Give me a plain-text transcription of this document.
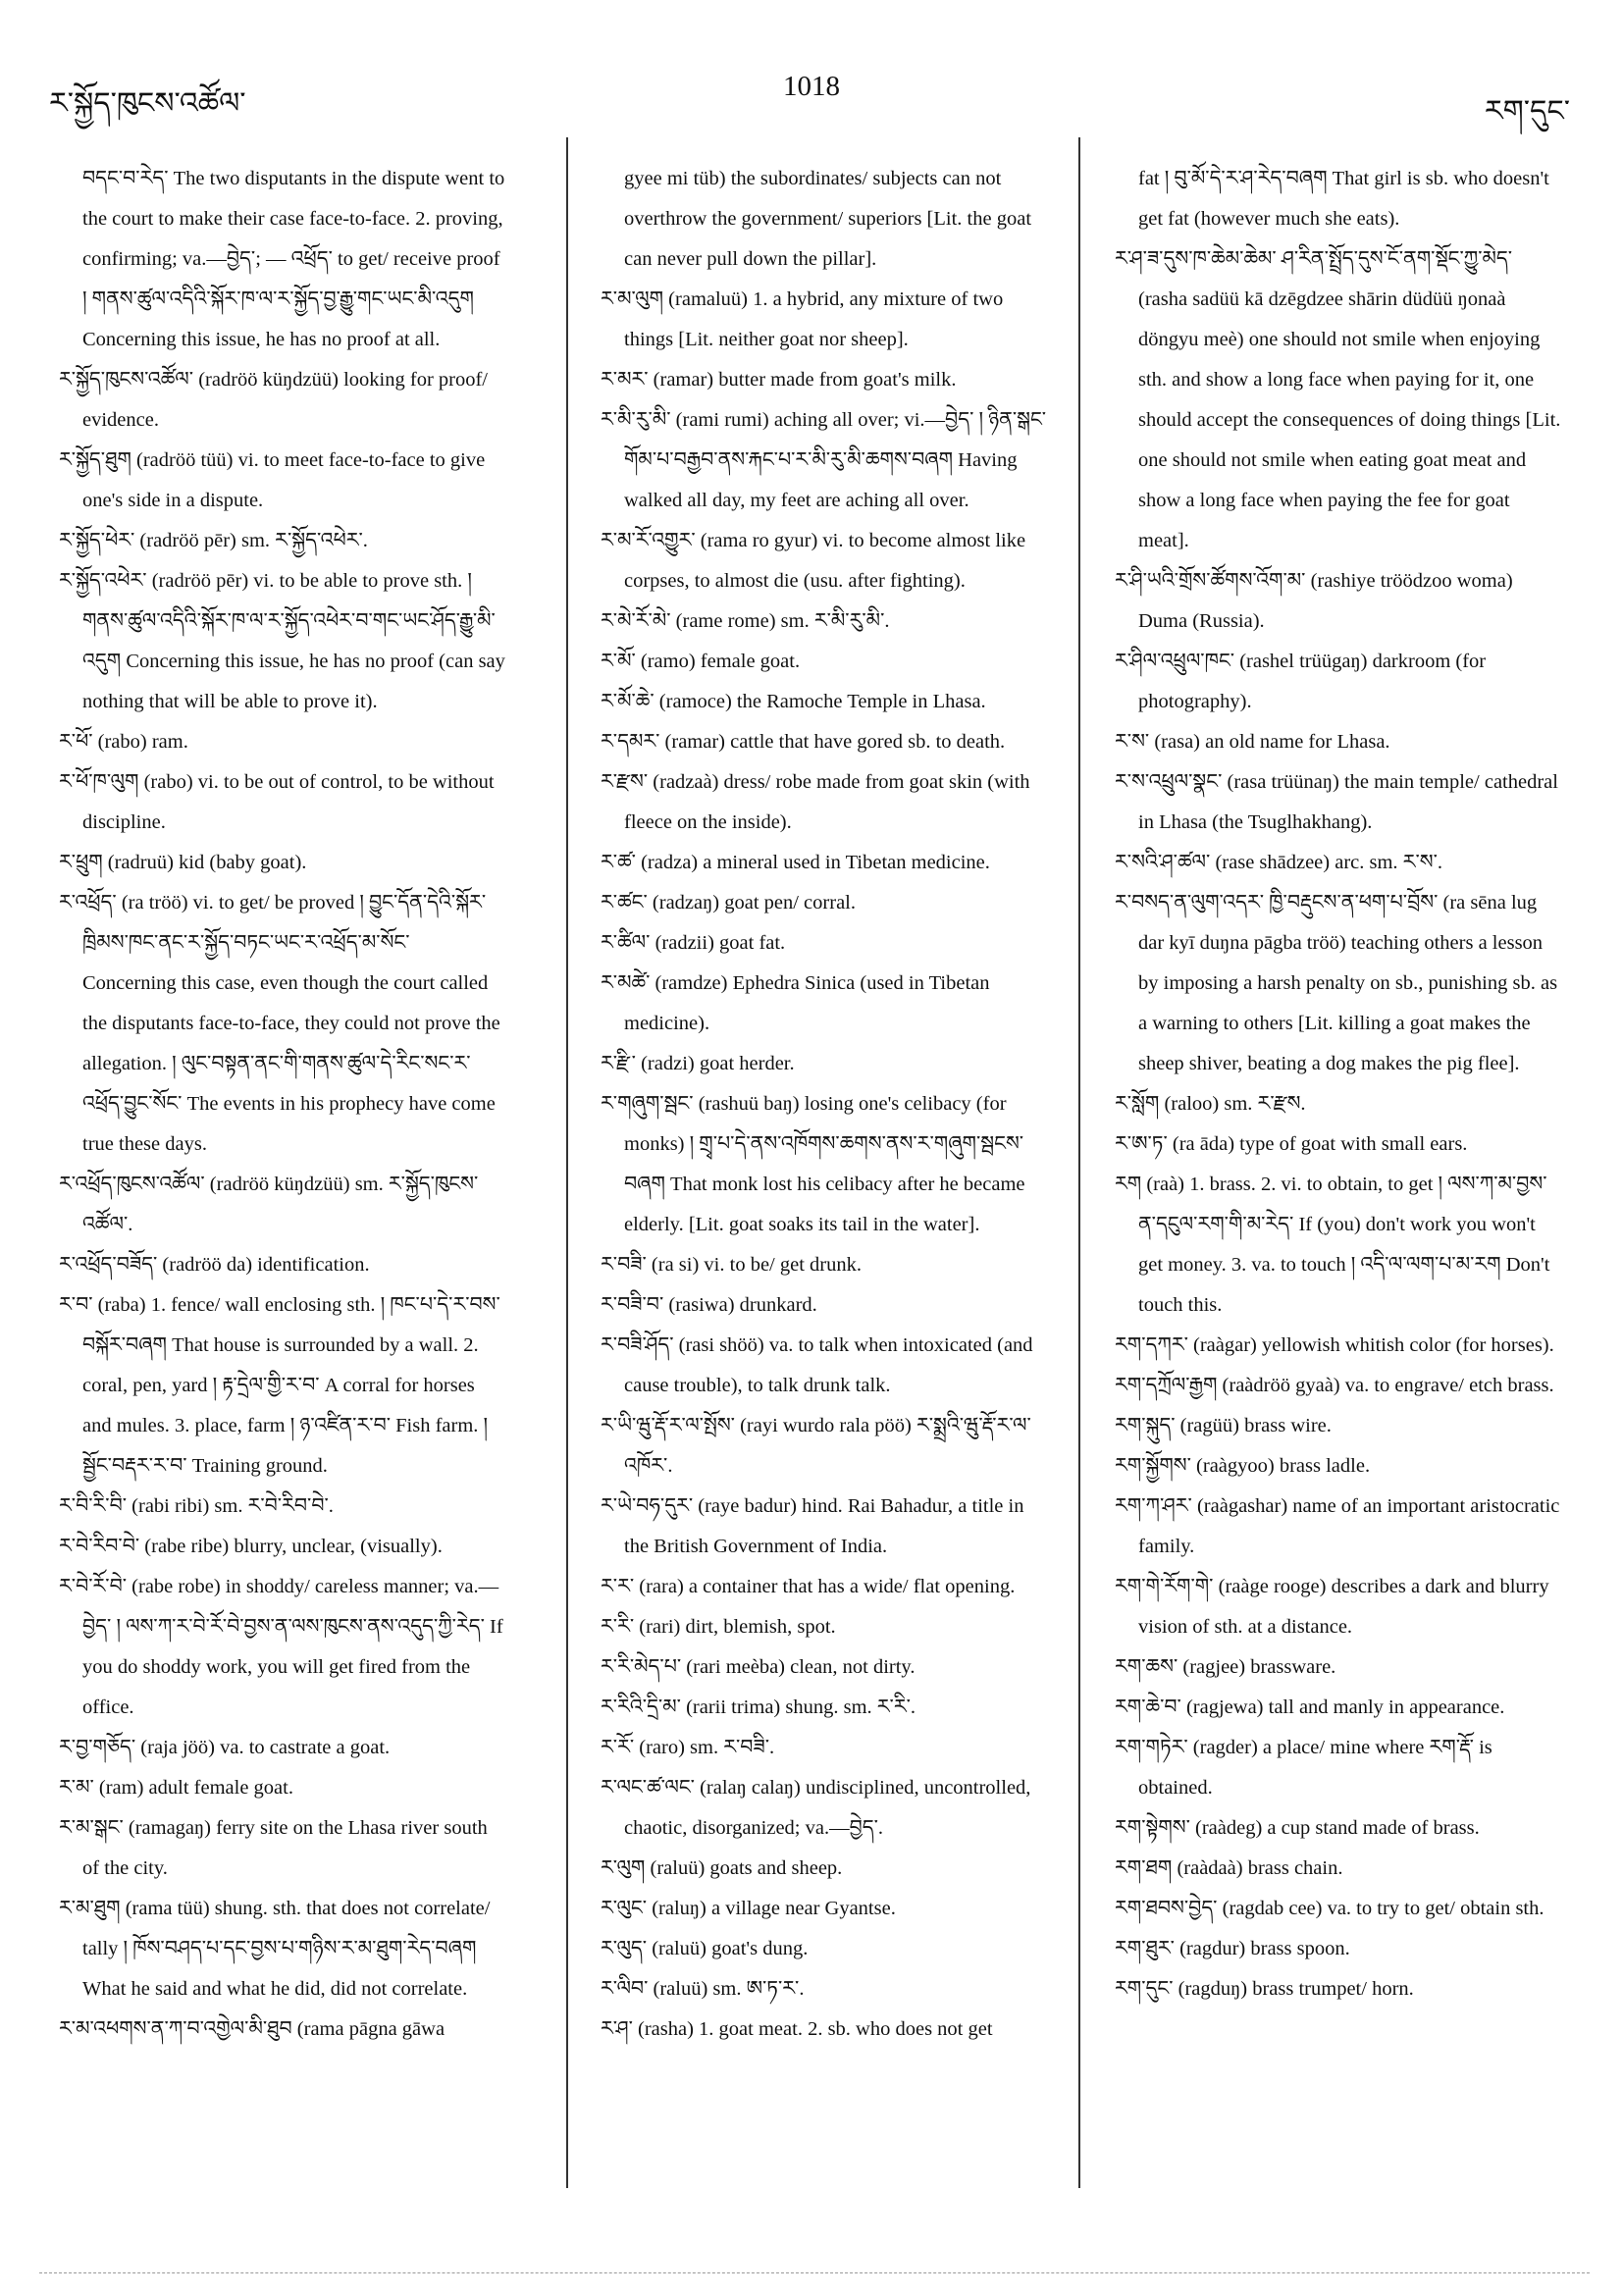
ར་སྐྱོད་ཁུངས་འཚོལ་
1018
རག་དུང་

བདང་བ་རེད་ The two disputants in the dispute went to the court to make their case face-to-face. 2. proving, confirming; va.—བྱེད་; — འཕྲོད་ to get/ receive proof ། གནས་ཚུལ་འདིའི་སྐོར་ཁ་ལ་ར་སྐྱོད་བྱ་རྒྱུ་གང་ཡང་མི་འདུག Concerning this issue, he has no proof at all.

ར་སྐྱོད་ཁུངས་འཚོལ་ (radröö küŋdzüü) looking for proof/ evidence.

ར་སྐྱོད་ཐུག (radröö tüü) vi. to meet face-to-face to give one's side in a dispute.

ར་སྐྱོད་ཕེར་ (radröö pēr) sm. ར་སྐྱོད་འཕེར་.

ར་སྐྱོད་འཕེར་ (radröö pēr) vi. to be able to prove sth. ། གནས་ཚུལ་འདིའི་སྐོར་ཁ་ལ་ར་སྐྱོད་འཕེར་བ་གང་ཡང་ཤོད་རྒྱུ་མི་འདུག Concerning this issue, he has no proof (can say nothing that will be able to prove it).

ར་ཕོ་ (rabo) ram.

ར་ཕོ་ཁ་ལུག (rabo) vi. to be out of control, to be without discipline.

ར་ཕྲུག (radruü) kid (baby goat).

ར་འཕྲོད་ (ra tröö) vi. to get/ be proved ། བྱུང་དོན་དེའི་སྐོར་ཁྲིམས་ཁང་ནང་ར་སྐྱོད་བཏང་ཡང་ར་འཕྲོད་མ་སོང་ Concerning this case, even though the court called the disputants face-to-face, they could not prove the allegation. ། ལུང་བསྟན་ནང་གི་གནས་ཚུལ་དེ་རིང་སང་ར་འཕྲོད་བྱུང་སོང་ The events in his prophecy have come true these days.

ར་འཕྲོད་ཁུངས་འཚོལ་ (radröö küŋdzüü) sm. ར་སྐྱོད་ཁུངས་འཚོལ་.

ར་འཕྲོད་བཟོད་ (radröö da) identification.

ར་བ་ (raba) 1. fence/ wall enclosing sth. ། ཁང་པ་དེ་ར་བས་བསྐོར་བཞག That house is surrounded by a wall. 2. coral, pen, yard ། རྟ་དྲེལ་གྱི་ར་བ་ A corral for horses and mules. 3. place, farm ། ཉ་འཛིན་ར་བ་ Fish farm. ། སྦྱོང་བརྡར་ར་བ་ Training ground.

ར་བི་རི་བི་ (rabi ribi) sm. ར་བེ་རིབ་བེ་.

ར་བེ་རིབ་བེ་ (rabe ribe) blurry, unclear, (visually).

ར་བེ་རོ་བེ་ (rabe robe) in shoddy/ careless manner; va.—བྱེད་ ། ལས་ཀ་ར་བེ་རོ་བེ་བྱས་ན་ལས་ཁུངས་ནས་འདུད་ཀྱི་རེད་ If you do shoddy work, you will get fired from the office.

ར་བྱ་གཅོད་ (raja jöö) va. to castrate a goat.

ར་མ་ (ram) adult female goat.

ར་མ་སྒང་ (ramagaŋ) ferry site on the Lhasa river south of the city.

ར་མ་ཐུག (rama tüü) shung. sth. that does not correlate/ tally ། ཁོས་བཤད་པ་དང་བྱས་པ་གཉིས་ར་མ་ཐུག་རེད་བཞག What he said and what he did, did not correlate.

ར་མ་འཕགས་ན་ཀ་བ་འགྱེལ་མི་ཐུབ (rama pāgna gāwa

gyee mi tüb) the subordinates/ subjects can not overthrow the government/ superiors [Lit. the goat can never pull down the pillar].

ར་མ་ལུག (ramaluü) 1. a hybrid, any mixture of two things [Lit. neither goat nor sheep].

ར་མར་ (ramar) butter made from goat's milk.

ར་མི་རུ་མི་ (rami rumi) aching all over; vi.—བྱེད་ ། ཉིན་སྒང་གོམ་པ་བརྒྱབ་ནས་རྐང་པ་ར་མི་རུ་མི་ཆགས་བཞག Having walked all day, my feet are aching all over.

ར་མ་རོ་འགྱུར་ (rama ro gyur) vi. to become almost like corpses, to almost die (usu. after fighting).

ར་མེ་རོ་མེ་ (rame rome) sm. ར་མི་རུ་མི་.

ར་མོ་ (ramo) female goat.

ར་མོ་ཆེ་ (ramoce) the Ramoche Temple in Lhasa.

ར་དམར་ (ramar) cattle that have gored sb. to death.

ར་རྫས་ (radzaà) dress/ robe made from goat skin (with fleece on the inside).

ར་ཚ་ (radza) a mineral used in Tibetan medicine.

ར་ཚང་ (radzaŋ) goat pen/ corral.

ར་ཚིལ་ (radzii) goat fat.

ར་མཚེ་ (ramdze) Ephedra Sinica (used in Tibetan medicine).

ར་རྫི་ (radzi) goat herder.

ར་གཞུག་སྦང་ (rashuü baŋ) losing one's celibacy (for monks) ། གྲྭ་པ་དེ་ནས་འཁོགས་ཆགས་ནས་ར་གཞུག་སྦངས་བཞག That monk lost his celibacy after he became elderly. [Lit. goat soaks its tail in the water].

ར་བཟི་ (ra si) vi. to be/ get drunk.

ར་བཟི་བ་ (rasiwa) drunkard.

ར་བཟི་ཤོད་ (rasi shöö) va. to talk when intoxicated (and cause trouble), to talk drunk talk.

ར་ཡི་ཝུ་རྡོ་ར་ལ་སྤོས་ (rayi wurdo rala pöö) ར་སྨྲའི་ཝུ་རྡོ་ར་ལ་འཁོར་.

ར་ཡེ་བཧ་དུར་ (raye badur) hind. Rai Bahadur, a title in the British Government of India.

ར་ར་ (rara) a container that has a wide/ flat opening.

ར་རི་ (rari) dirt, blemish, spot.

ར་རི་མེད་པ་ (rari meèba) clean, not dirty.

ར་རིའི་དྲི་མ་ (rarii trima) shung. sm. ར་རི་.

ར་རོ་ (raro) sm. ར་བཟི་.

ར་ལང་ཚ་ལང་ (ralaŋ calaŋ) undisciplined, uncontrolled, chaotic, disorganized; va.—བྱེད་.

ར་ལུག (raluü) goats and sheep.

ར་ལུང་ (raluŋ) a village near Gyantse.

ར་ལུད་ (raluü) goat's dung.

ར་ལིབ་ (raluü) sm. ཨ་ཏ་ར་.

ར་ཤ་ (rasha) 1. goat meat. 2. sb. who does not get

fat ། བུ་མོ་དེ་ར་ཤ་རེད་བཞག That girl is sb. who doesn't get fat (however much she eats).

ར་ཤ་ཟ་དུས་ཁ་ཆེམ་ཆེམ་ ཤ་རིན་སྤྲོད་དུས་ངོ་ནག་སྡོང་ཀྱུ་མེད་ (rasha sadüü kā dzēgdzee shārin düdüü ŋonaà döngyu meè) one should not smile when enjoying sth. and show a long face when paying for it, one should accept the consequences of doing things [Lit. one should not smile when eating goat meat and show a long face when paying the fee for goat meat].

ར་ཤི་ཡའི་གྲོས་ཚོགས་འོག་མ་ (rashiye tröödzoo woma) Duma (Russia).

ར་ཤིལ་འཕྲུལ་ཁང་ (rashel trüügaŋ) darkroom (for photography).

ར་ས་ (rasa) an old name for Lhasa.

ར་ས་འཕྲུལ་སྣང་ (rasa trüünaŋ) the main temple/ cathedral in Lhasa (the Tsuglhakhang).

ར་སའི་ཤ་ཚལ་ (rase shādzee) arc. sm. ར་ས་.

ར་བསད་ན་ལུག་འདར་ ཁྱི་བརྡུངས་ན་ཕག་པ་བྲོས་ (ra sēna lug dar kyī duŋna pāgba tröö) teaching others a lesson by imposing a harsh penalty on sb., punishing sb. as a warning to others [Lit. killing a goat makes the sheep shiver, beating a dog makes the pig flee].

ར་སློག (raloo) sm. ར་རྫས.

ར་ཨ་ཏ་ (ra āda) type of goat with small ears.

རག (raà) 1. brass. 2. vi. to obtain, to get ། ལས་ཀ་མ་བྱས་ན་དངུལ་རག་གི་མ་རེད་ If (you) don't work you won't get money. 3. va. to touch ། འདི་ལ་ལག་པ་མ་རག Don't touch this.

རག་དཀར་ (raàgar) yellowish whitish color (for horses).

རག་དཀྲོལ་རྒྱག (raàdröö gyaà) va. to engrave/ etch brass.

རག་སྐུད་ (ragüü) brass wire.

རག་སྐྱོགས་ (raàgyoo) brass ladle.

རག་ཀ་ཤར་ (raàgashar) name of an important aristocratic family.

རག་གེ་རོག་གེ་ (raàge rooge) describes a dark and blurry vision of sth. at a distance.

རག་ཆས་ (ragjee) brassware.

རག་ཆེ་བ་ (ragjewa) tall and manly in appearance.

རག་གཏེར་ (ragder) a place/ mine where རག་རྡོ་ is obtained.

རག་སྟེགས་ (raàdeg) a cup stand made of brass.

རག་ཐག (raàdaà) brass chain.

རག་ཐབས་བྱེད་ (ragdab cee) va. to try to get/ obtain sth.

རག་ཐུར་ (ragdur) brass spoon.

རག་དུང་ (ragduŋ) brass trumpet/ horn.
